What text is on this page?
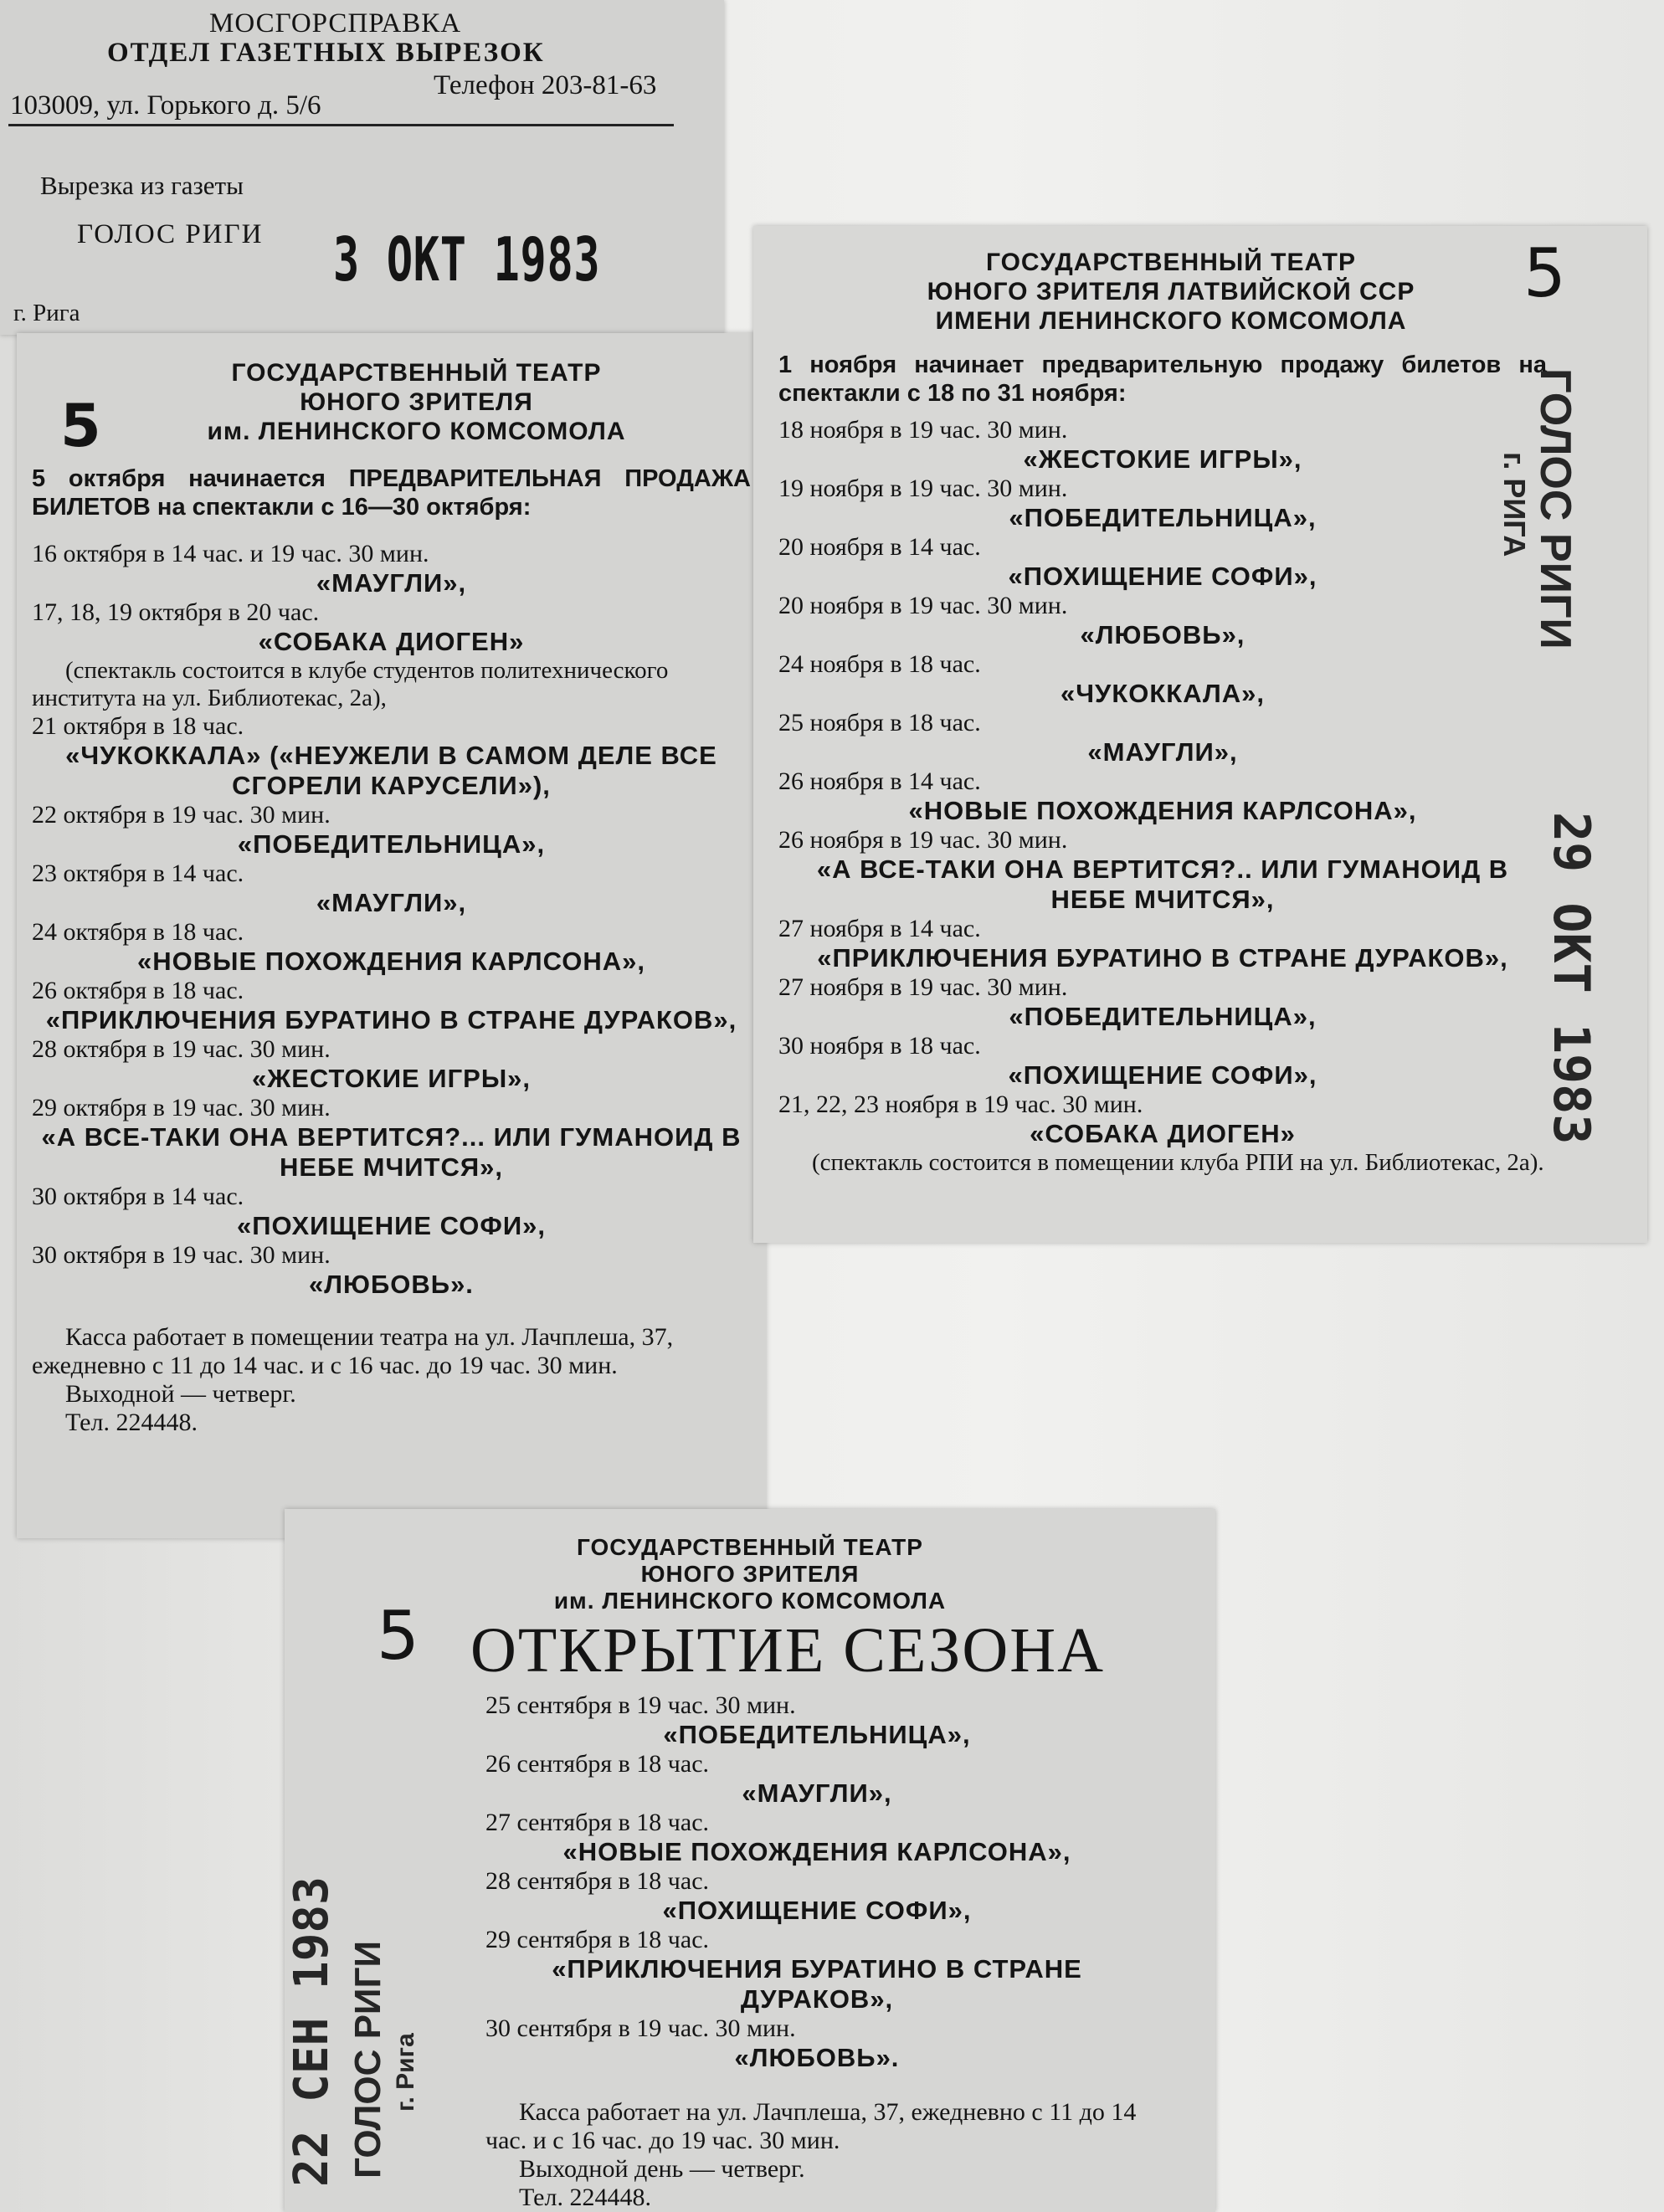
МОСГОРСПРАВКА
ОТДЕЛ ГАЗЕТНЫХ ВЫРЕЗОК
Телефон 203-81-63
103009, ул. Горького д. 5/6
Вырезка из газеты
ГОЛОС РИГИ 3 ОКТ 1983
г. Рига
5
ГОСУДАРСТВЕННЫЙ ТЕАТР
ЮНОГО ЗРИТЕЛЯ
им. ЛЕНИНСКОГО КОМСОМОЛА

5 октября начинается ПРЕДВАРИТЕЛЬНАЯ ПРОДАЖА БИЛЕТОВ на спектакли с 16—30 октября:

16 октября в 14 час. и 19 час. 30 мин.
«МАУГЛИ»,
17, 18, 19 октября в 20 час.
«СОБАКА ДИОГЕН»
(спектакль состоится в клубе студентов политехнического института на ул. Библиотекас, 2а),
21 октября в 18 час.
«ЧУКОККАЛА» («НЕУЖЕЛИ В САМОМ ДЕЛЕ ВСЕ СГОРЕЛИ КАРУСЕЛИ»),
22 октября в 19 час. 30 мин.
«ПОБЕДИТЕЛЬНИЦА»,
23 октября в 14 час.
«МАУГЛИ»,
24 октября в 18 час.
«НОВЫЕ ПОХОЖДЕНИЯ КАРЛСОНА»,
26 октября в 18 час.
«ПРИКЛЮЧЕНИЯ БУРАТИНО В СТРАНЕ ДУРАКОВ»,
28 октября в 19 час. 30 мин.
«ЖЕСТОКИЕ ИГРЫ»,
29 октября в 19 час. 30 мин.
«А ВСЕ-ТАКИ ОНА ВЕРТИТСЯ?... ИЛИ ГУМАНОИД В НЕБЕ МЧИТСЯ»,
30 октября в 14 час.
«ПОХИЩЕНИЕ СОФИ»,
30 октября в 19 час. 30 мин.
«ЛЮБОВЬ».

Касса работает в помещении театра на ул. Лачплеша, 37, ежедневно с 11 до 14 час. и с 16 час. до 19 час. 30 мин.

Выходной — четверг.

Тел. 224448.

5
ГОСУДАРСТВЕННЫЙ ТЕАТР
ЮНОГО ЗРИТЕЛЯ ЛАТВИЙСКОЙ ССР
ИМЕНИ ЛЕНИНСКОГО КОМСОМОЛА

1 ноября начинает предварительную продажу билетов на спектакли с 18 по 31 ноября:

18 ноября в 19 час. 30 мин.
«ЖЕСТОКИЕ ИГРЫ»,
19 ноября в 19 час. 30 мин.
«ПОБЕДИТЕЛЬНИЦА»,
20 ноября в 14 час.
«ПОХИЩЕНИЕ СОФИ»,
20 ноября в 19 час. 30 мин.
«ЛЮБОВЬ»,
24 ноября в 18 час.
«ЧУКОККАЛА»,
25 ноября в 18 час.
«МАУГЛИ»,
26 ноября в 14 час.
«НОВЫЕ ПОХОЖДЕНИЯ КАРЛСОНА»,
26 ноября в 19 час. 30 мин.
«А ВСЕ-ТАКИ ОНА ВЕРТИТСЯ?.. ИЛИ ГУМАНОИД В НЕБЕ МЧИТСЯ»,
27 ноября в 14 час.
«ПРИКЛЮЧЕНИЯ БУРАТИНО В СТРАНЕ ДУРАКОВ»,
27 ноября в 19 час. 30 мин.
«ПОБЕДИТЕЛЬНИЦА»,
30 ноября в 18 час.
«ПОХИЩЕНИЕ СОФИ»,
21, 22, 23 ноября в 19 час. 30 мин.
«СОБАКА ДИОГЕН»
(спектакль состоится в помещении клуба РПИ на ул. Библиотекас, 2а).
ГОЛОС РИГИ
г. РИГА
29 ОКТ 1983
5
ГОСУДАРСТВЕННЫЙ ТЕАТР
ЮНОГО ЗРИТЕЛЯ
им. ЛЕНИНСКОГО КОМСОМОЛА
ОТКРЫТИЕ СЕЗОНА
25 сентября в 19 час. 30 мин.
«ПОБЕДИТЕЛЬНИЦА»,
26 сентября в 18 час.
«МАУГЛИ»,
27 сентября в 18 час.
«НОВЫЕ ПОХОЖДЕНИЯ КАРЛСОНА»,
28 сентября в 18 час.
«ПОХИЩЕНИЕ СОФИ»,
29 сентября в 18 час.
«ПРИКЛЮЧЕНИЯ БУРАТИНО В СТРАНЕ ДУРАКОВ»,
30 сентября в 19 час. 30 мин.
«ЛЮБОВЬ».

Касса работает на ул. Лачплеша, 37, ежедневно с 11 до 14 час. и с 16 час. до 19 час. 30 мин.

Выходной день — четверг.

Тел. 224448.

22 СЕН 1983 ГОЛОС РИГИ г. Рига
